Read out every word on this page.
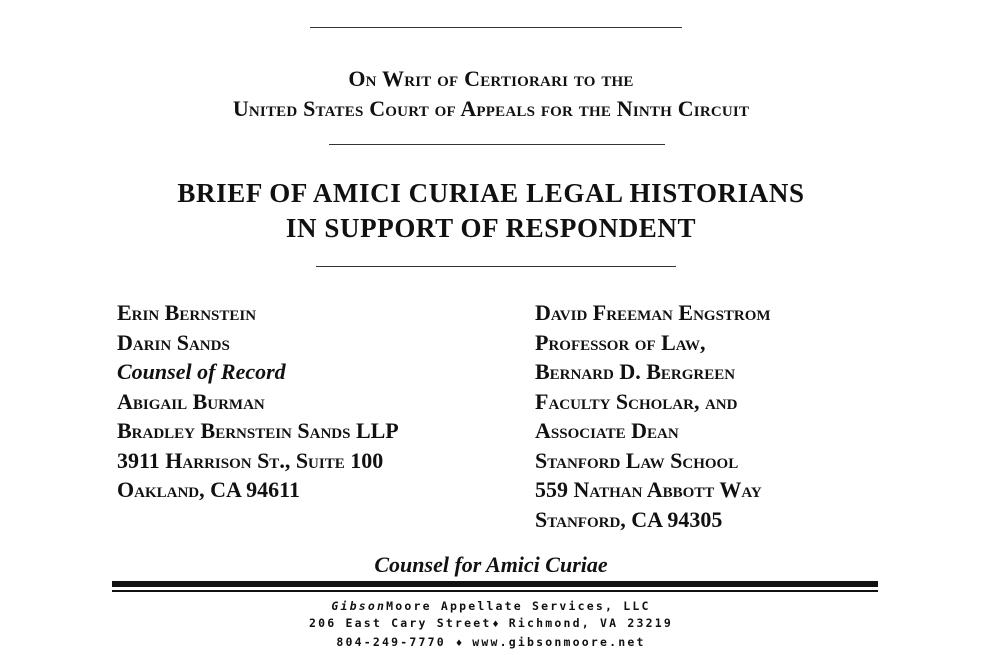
On Writ of Certiorari to the
United States Court of Appeals for the Ninth Circuit
BRIEF OF AMICI CURIAE LEGAL HISTORIANS
IN SUPPORT OF RESPONDENT
Erin Bernstein
Darin Sands
Counsel of Record
Abigail Burman
Bradley Bernstein Sands LLP
3911 Harrison St., Suite 100
Oakland, CA 94611
David Freeman Engstrom
Professor of Law,
Bernard D. Bergreen
Faculty Scholar, and
Associate Dean
Stanford Law School
559 Nathan Abbott Way
Stanford, CA 94305
Counsel for Amici Curiae
GibsonMoore Appellate Services, LLC
206 East Cary Street♦ Richmond, VA 23219
804-249-7770 ♦ www.gibsonmoore.net
